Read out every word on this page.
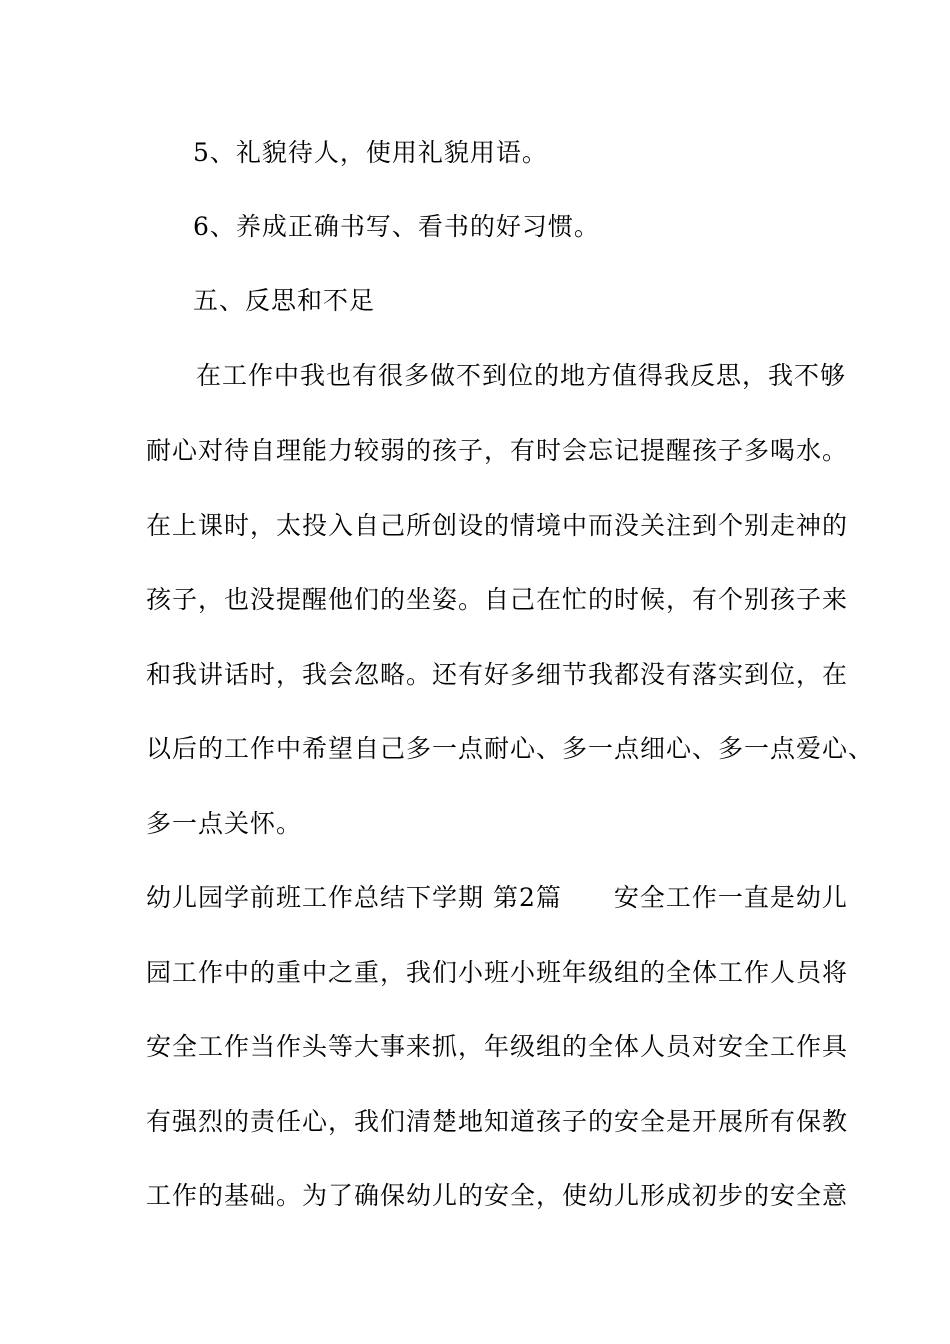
5、礼貌待人，使用礼貌用语。
6、养成正确书写、看书的好习惯。
五、反思和不足
在工作中我也有很多做不到位的地方值得我反思，我不够
耐心对待自理能力较弱的孩子，有时会忘记提醒孩子多喝水。
在上课时，太投入自己所创设的情境中而没关注到个别走神的
孩子，也没提醒他们的坐姿。自己在忙的时候，有个别孩子来
和我讲话时，我会忽略。还有好多细节我都没有落实到位，在
以后的工作中希望自己多一点耐心、多一点细心、多一点爱心、
多一点关怀。
幼儿园学前班工作总结下学期 第2篇 安全工作一直是幼儿
园工作中的重中之重，我们小班小班年级组的全体工作人员将
安全工作当作头等大事来抓，年级组的全体人员对安全工作具
有强烈的责任心，我们清楚地知道孩子的安全是开展所有保教
工作的基础。为了确保幼儿的安全，使幼儿形成初步的安全意
